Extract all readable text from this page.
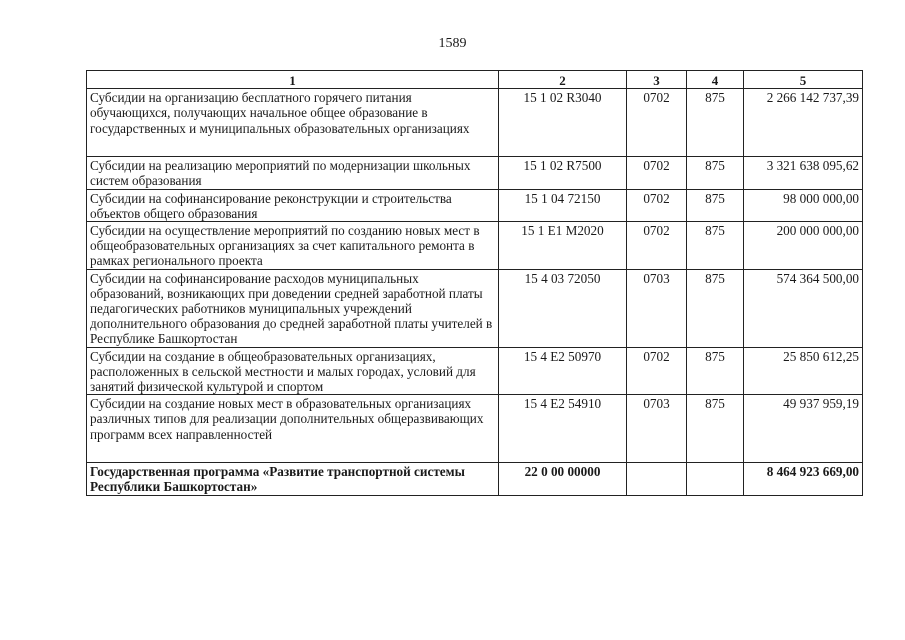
1589
1	2	3	4	5
Субсидии на организацию бесплатного горячего питания обучающихся, получающих начальное общее образование в государственных и муниципальных образовательных организациях	15 1 02 R3040	0702	875	2 266 142 737,39
Субсидии на реализацию мероприятий по модернизации школьных систем образования	15 1 02 R7500	0702	875	3 321 638 095,62
Субсидии на софинансирование реконструкции и строительства объектов общего образования	15 1 04 72150	0702	875	98 000 000,00
Субсидии на осуществление мероприятий по созданию новых мест в общеобразовательных организациях за счет капитального ремонта в рамках регионального проекта	15 1 E1 M2020	0702	875	200 000 000,00
Субсидии на софинансирование расходов муниципальных образований, возникающих при доведении средней заработной платы педагогических работников муниципальных учреждений дополнительного образования до средней заработной платы учителей в Республике Башкортостан	15 4 03 72050	0703	875	574 364 500,00
Субсидии на создание в общеобразовательных организациях, расположенных в сельской местности и малых городах, условий для занятий физической культурой и спортом	15 4 E2 50970	0702	875	25 850 612,25
Субсидии на создание новых мест в образовательных организациях различных типов для реализации дополнительных общеразвивающих программ всех направленностей	15 4 E2 54910	0703	875	49 937 959,19
Государственная программа «Развитие транспортной системы Республики Башкортостан»	22 0 00 00000			8 464 923 669,00
